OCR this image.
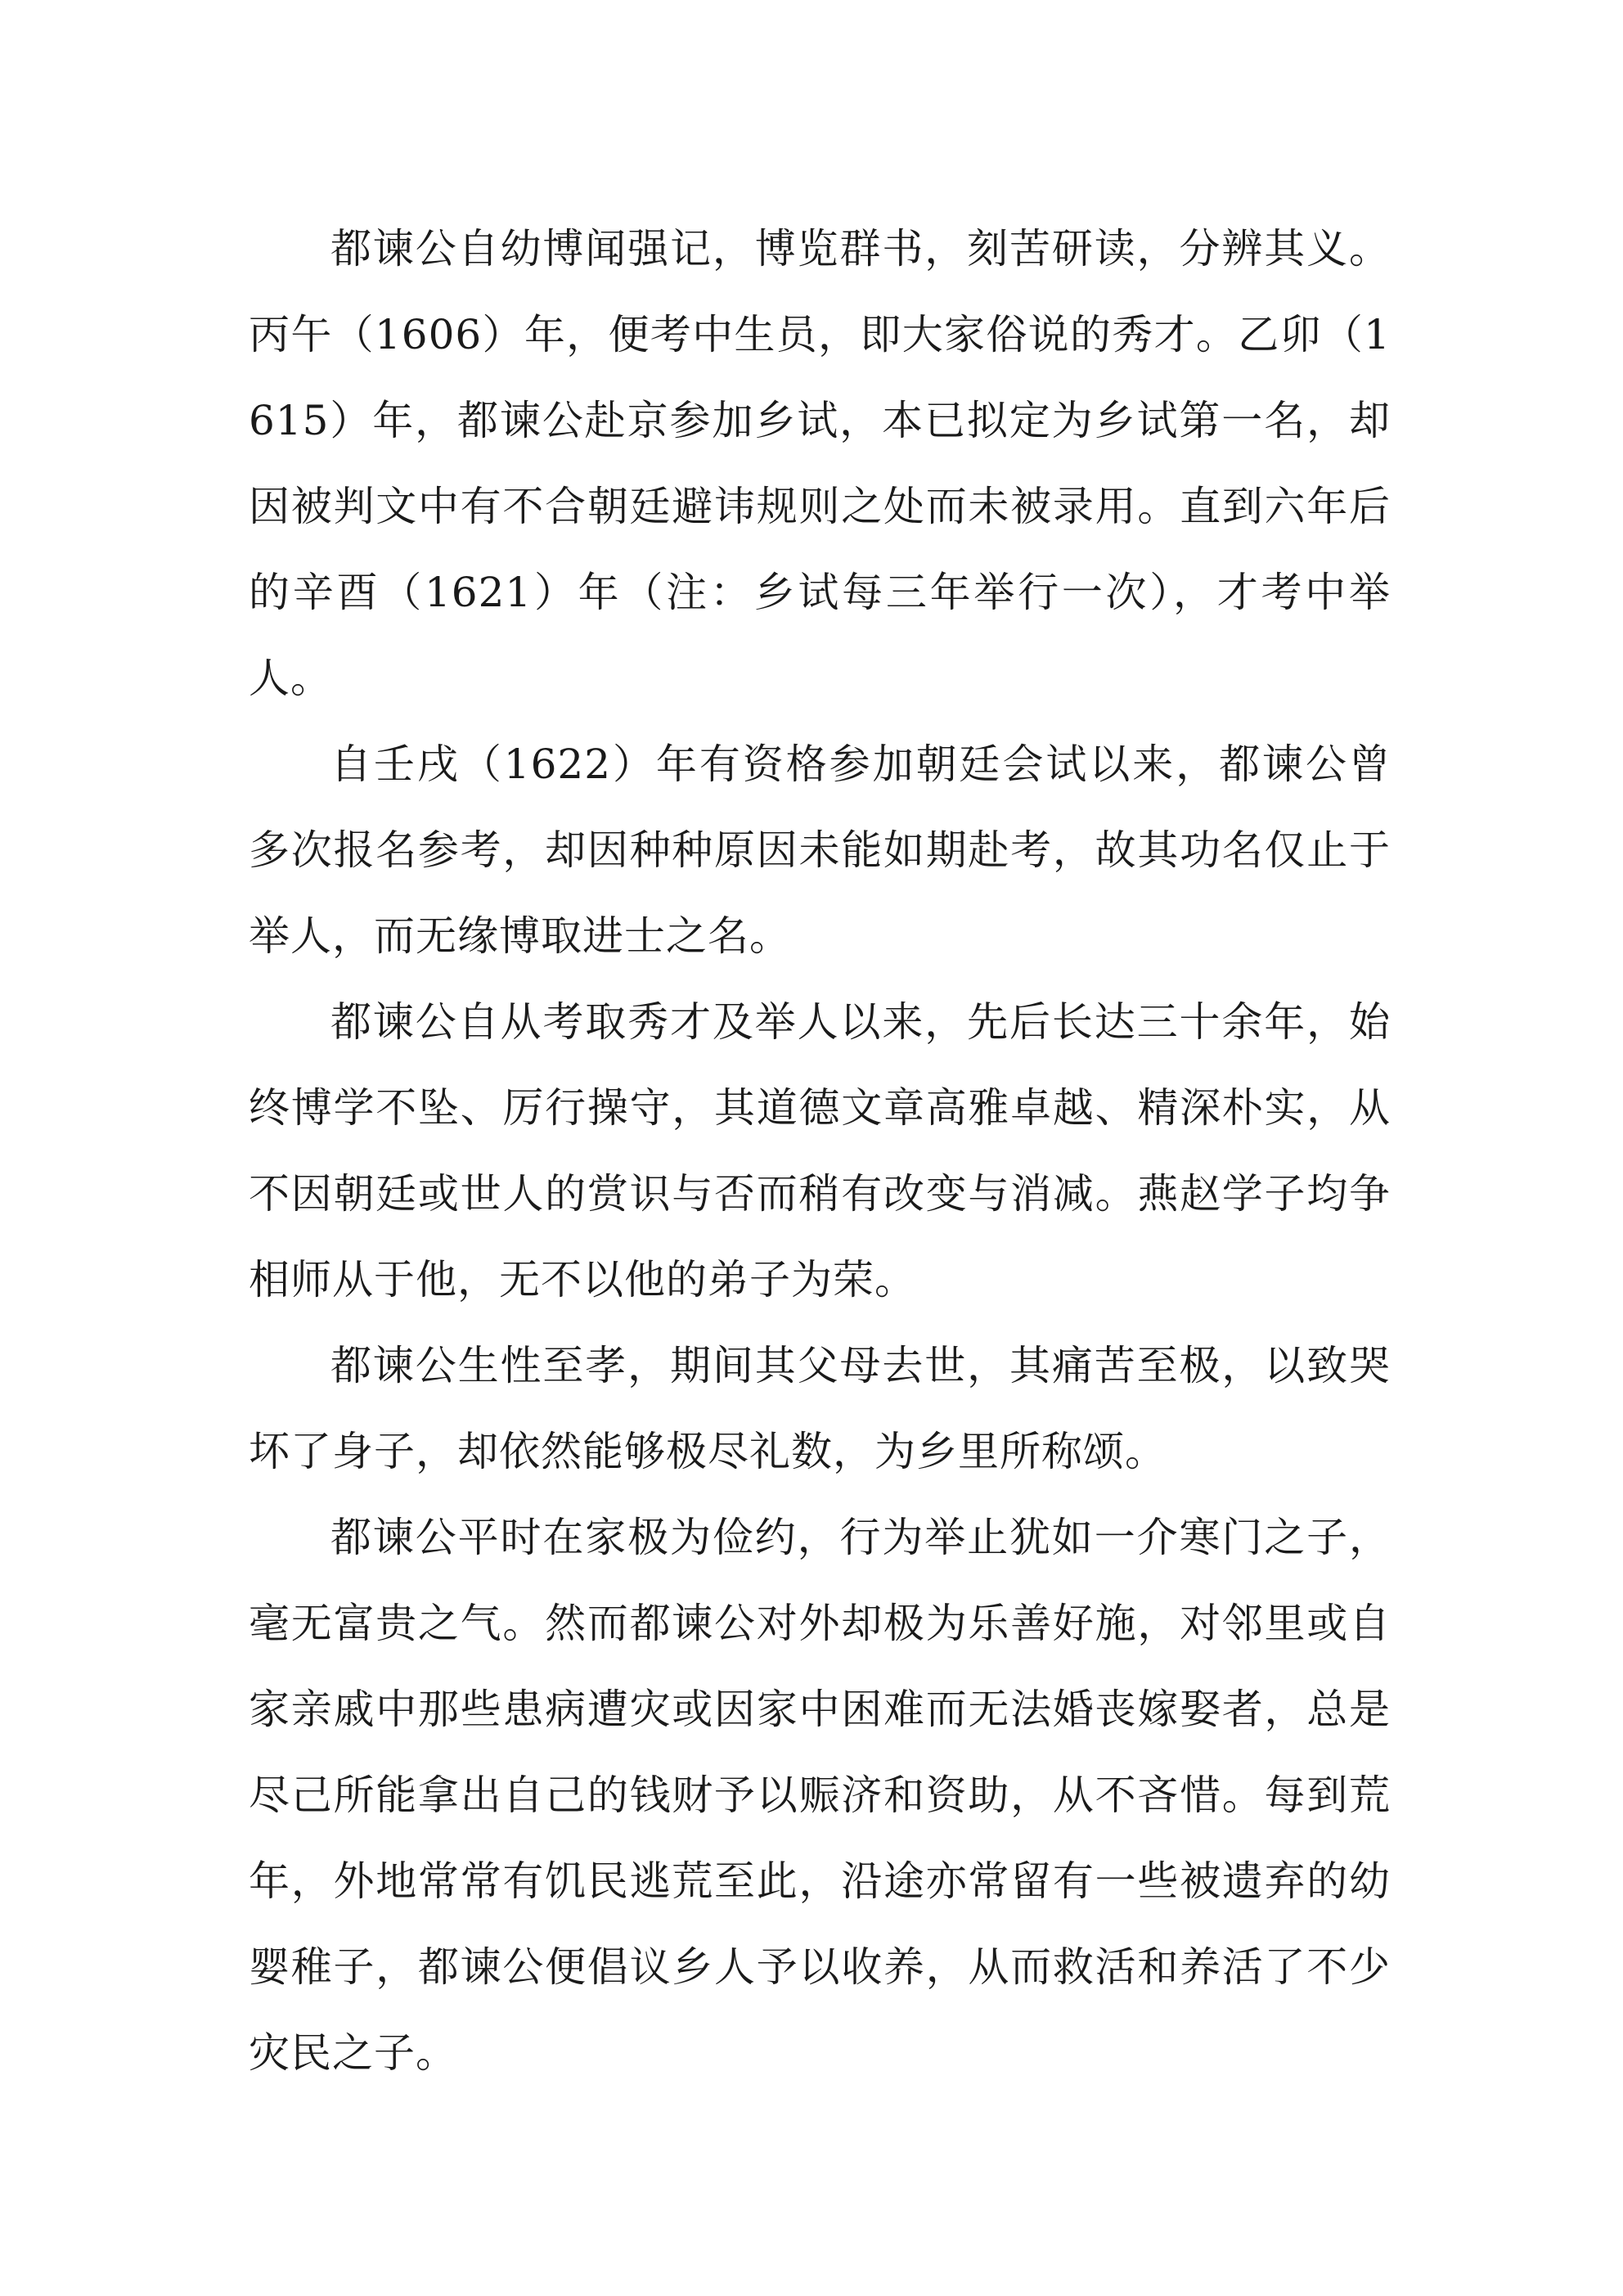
都谏公自幼博闻强记，博览群书，刻苦研读，分辨其义。丙午（1606）年，便考中生员，即大家俗说的秀才。乙卯（1615）年，都谏公赴京参加乡试，本已拟定为乡试第一名，却因被判文中有不合朝廷避讳规则之处而未被录用。直到六年后的辛酉（1621）年（注：乡试每三年举行一次），才考中举人。

自壬戌（1622）年有资格参加朝廷会试以来，都谏公曾多次报名参考，却因种种原因未能如期赴考，故其功名仅止于举人，而无缘博取进士之名。

都谏公自从考取秀才及举人以来，先后长达三十余年，始终博学不坠、厉行操守，其道德文章高雅卓越、精深朴实，从不因朝廷或世人的赏识与否而稍有改变与消减。燕赵学子均争相师从于他，无不以他的弟子为荣。

都谏公生性至孝，期间其父母去世，其痛苦至极，以致哭坏了身子，却依然能够极尽礼数，为乡里所称颂。

都谏公平时在家极为俭约，行为举止犹如一介寒门之子，毫无富贵之气。然而都谏公对外却极为乐善好施，对邻里或自家亲戚中那些患病遭灾或因家中困难而无法婚丧嫁娶者，总是尽己所能拿出自己的钱财予以赈济和资助，从不吝惜。每到荒年，外地常常有饥民逃荒至此，沿途亦常留有一些被遗弃的幼婴稚子，都谏公便倡议乡人予以收养，从而救活和养活了不少灾民之子。
